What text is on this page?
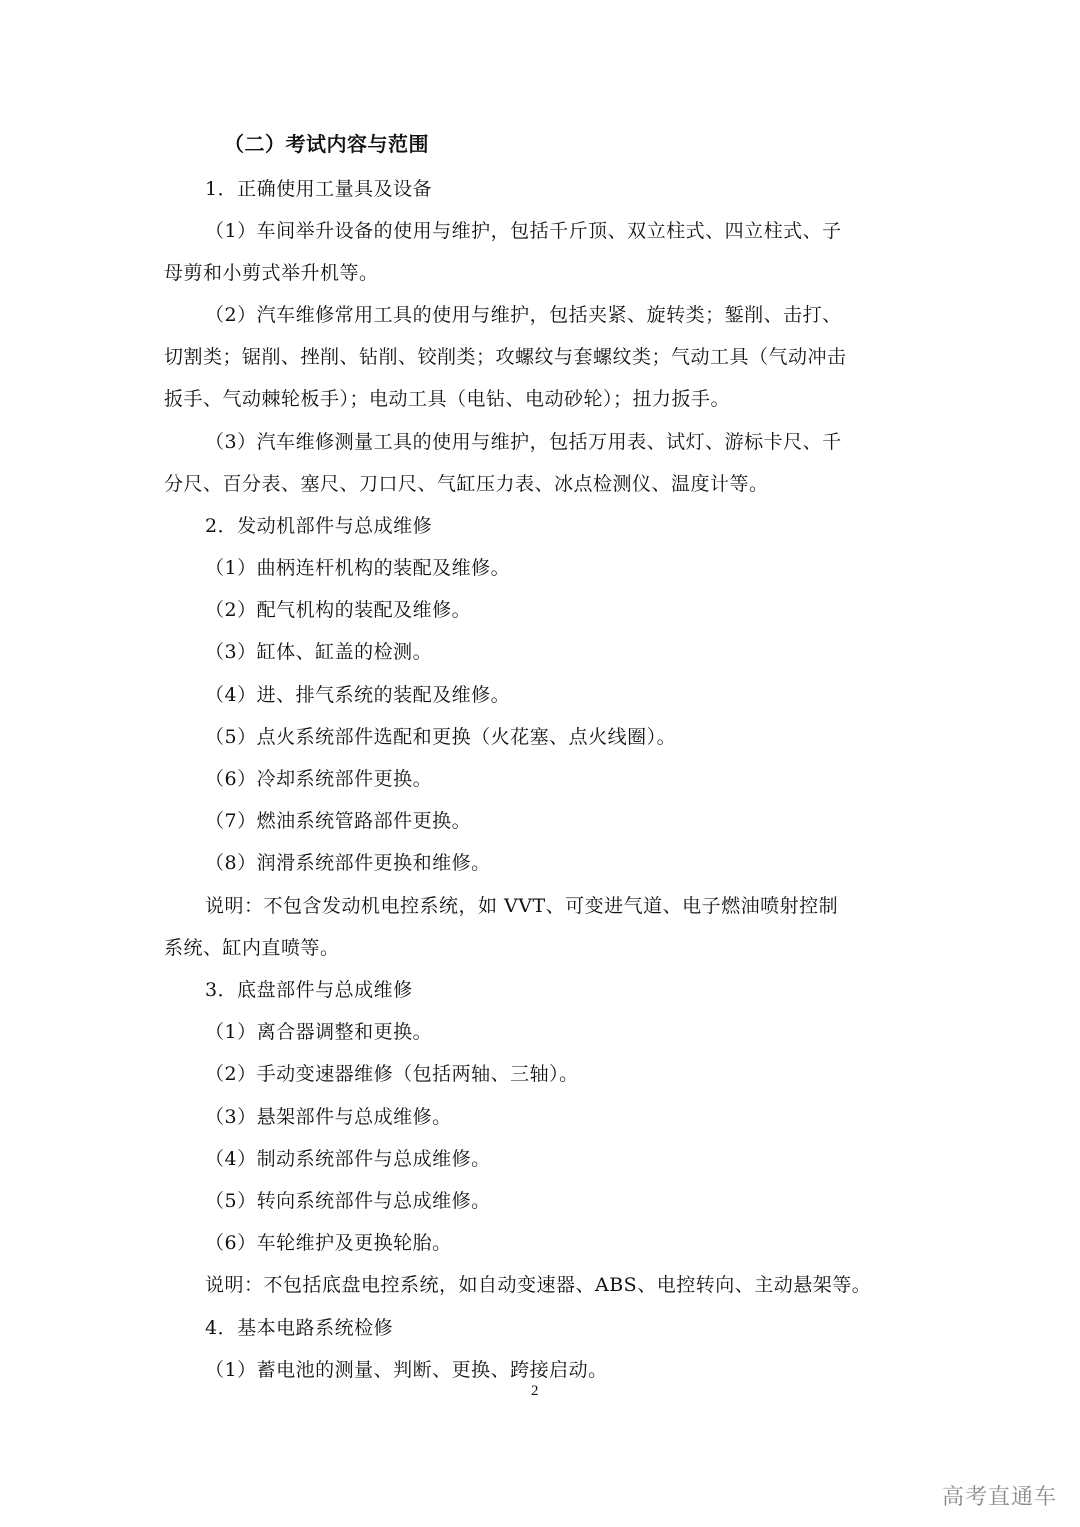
（二）考试内容与范围
1．正确使用工量具及设备
（1）车间举升设备的使用与维护，包括千斤顶、双立柱式、四立柱式、子
母剪和小剪式举升机等。
（2）汽车维修常用工具的使用与维护，包括夹紧、旋转类；錾削、击打、
切割类；锯削、挫削、钻削、铰削类；攻螺纹与套螺纹类；气动工具（气动冲击
扳手、气动棘轮板手）；电动工具（电钻、电动砂轮）；扭力扳手。
（3）汽车维修测量工具的使用与维护，包括万用表、试灯、游标卡尺、千
分尺、百分表、塞尺、刀口尺、气缸压力表、冰点检测仪、温度计等。
2．发动机部件与总成维修
（1）曲柄连杆机构的装配及维修。
（2）配气机构的装配及维修。
（3）缸体、缸盖的检测。
（4）进、排气系统的装配及维修。
（5）点火系统部件选配和更换（火花塞、点火线圈）。
（6）冷却系统部件更换。
（7）燃油系统管路部件更换。
（8）润滑系统部件更换和维修。
说明：不包含发动机电控系统，如 VVT、可变进气道、电子燃油喷射控制
系统、缸内直喷等。
3．底盘部件与总成维修
（1）离合器调整和更换。
（2）手动变速器维修（包括两轴、三轴）。
（3）悬架部件与总成维修。
（4）制动系统部件与总成维修。
（5）转向系统部件与总成维修。
（6）车轮维护及更换轮胎。
说明：不包括底盘电控系统，如自动变速器、ABS、电控转向、主动悬架等。
4．基本电路系统检修
（1）蓄电池的测量、判断、更换、跨接启动。
2
高考直通车
